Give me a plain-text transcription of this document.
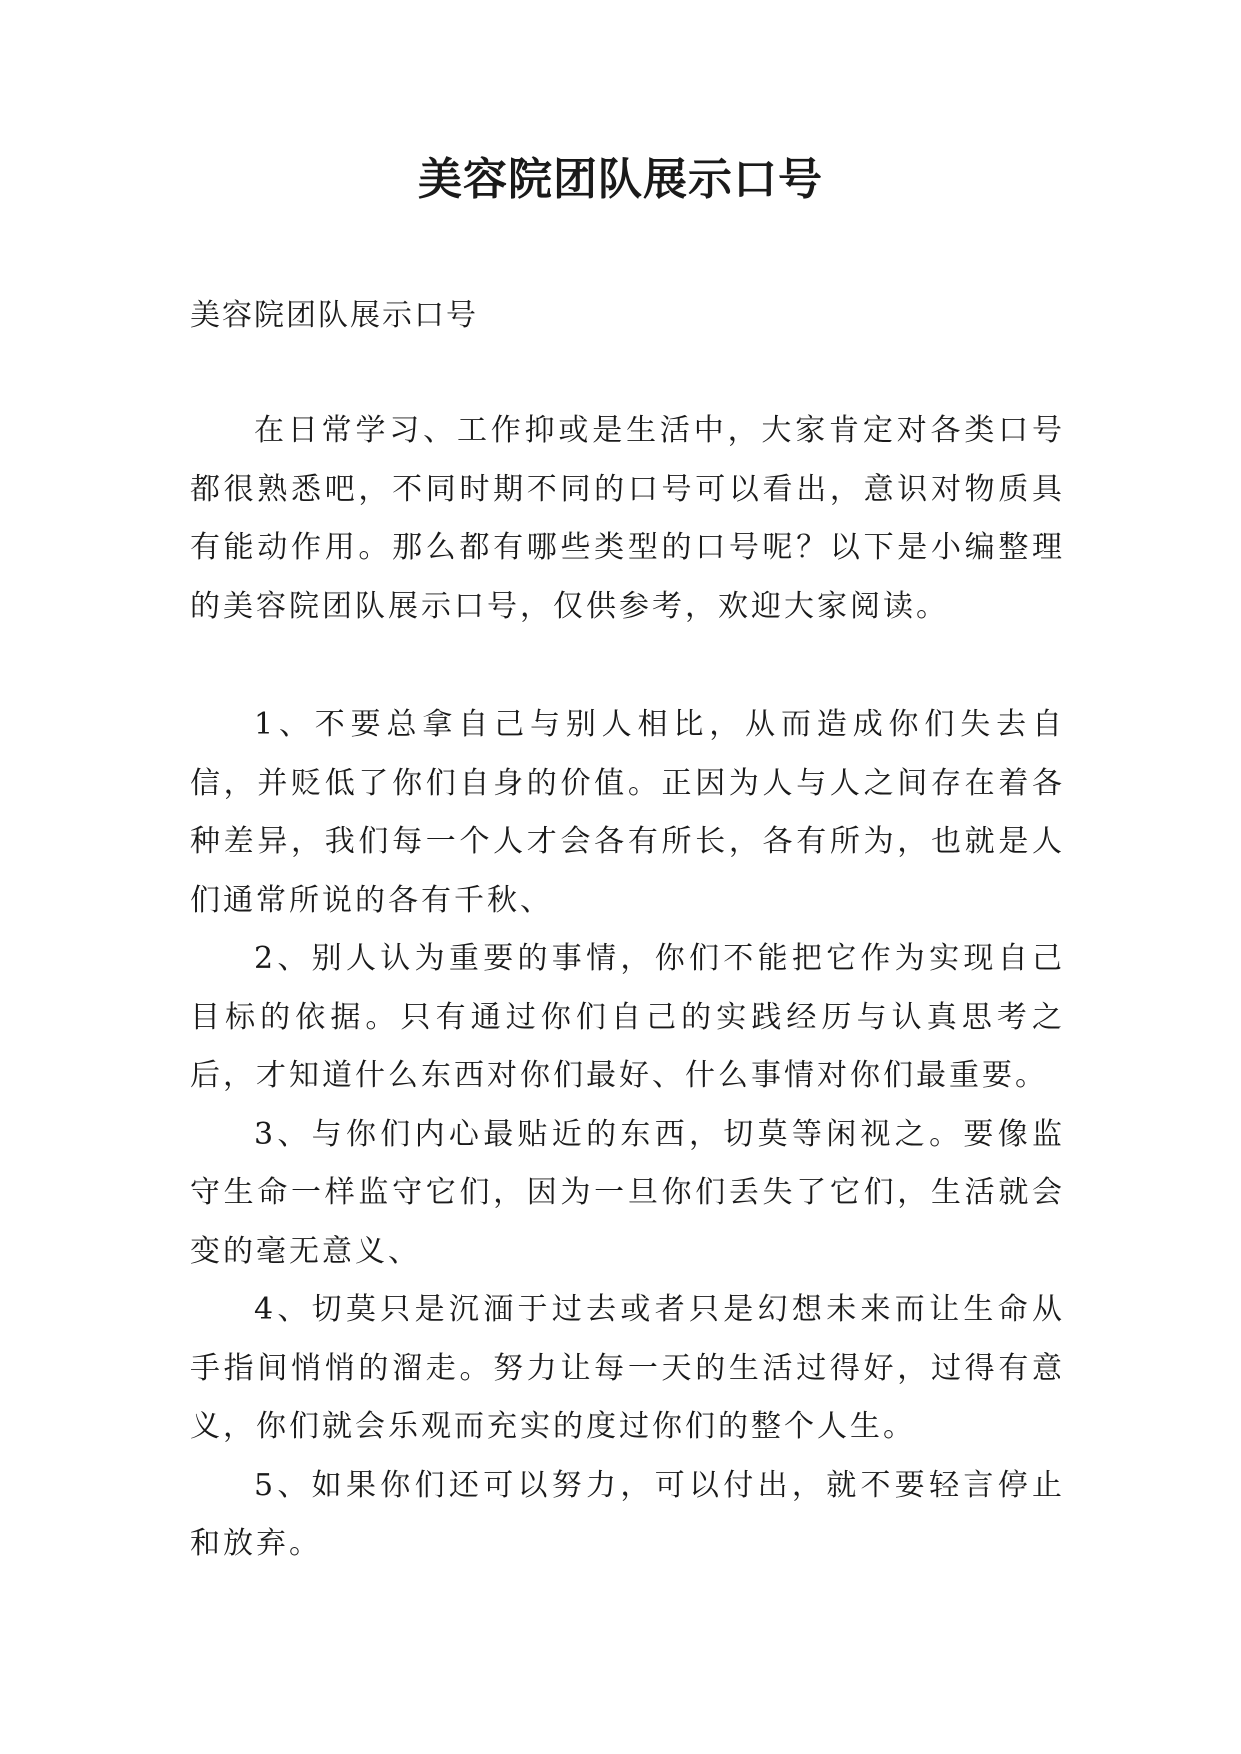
美容院团队展示口号

美容院团队展示口号

在日常学习、工作抑或是生活中，大家肯定对各类口号都很熟悉吧，不同时期不同的口号可以看出，意识对物质具有能动作用。那么都有哪些类型的口号呢？以下是小编整理的美容院团队展示口号，仅供参考，欢迎大家阅读。

1、不要总拿自己与别人相比，从而造成你们失去自信，并贬低了你们自身的价值。正因为人与人之间存在着各种差异，我们每一个人才会各有所长，各有所为，也就是人们通常所说的各有千秋、
2、别人认为重要的事情，你们不能把它作为实现自己目标的依据。只有通过你们自己的实践经历与认真思考之后，才知道什么东西对你们最好、什么事情对你们最重要。
3、与你们内心最贴近的东西，切莫等闲视之。要像监守生命一样监守它们，因为一旦你们丢失了它们，生活就会变的毫无意义、
4、切莫只是沉湎于过去或者只是幻想未来而让生命从手指间悄悄的溜走。努力让每一天的生活过得好，过得有意义，你们就会乐观而充实的度过你们的整个人生。
5、如果你们还可以努力，可以付出，就不要轻言停止和放弃。
